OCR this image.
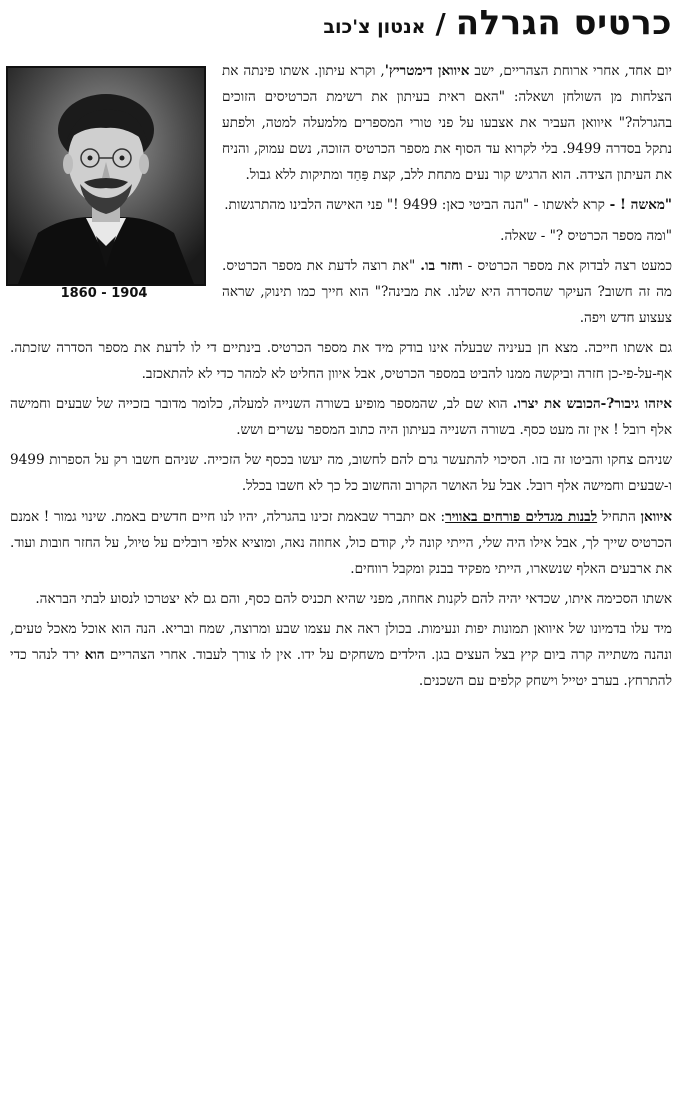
כרטיס הגרלה
/
אנטון צ'כוב
1860 - 1904

יום אחד, אחרי ארוחת הצהריים, ישב איוואן דימטריץ', וקרא עיתון. אשתו פינתה את הצלחות מן השולחן ושאלה: "האם ראית בעיתון את רשימת הכרטיסים הזוכים בהגרלה?" איוואן העביר את אצבעו על פני טורי המספרים מלמעלה למטה, ולפתע נתקל בסדרה 9499. בלי לקרוא עד הסוף את מספר הכרטיס הזוכה, נשם עמוק, והניח את העיתון הצידה. הוא הרגיש קור נעים מתחת ללב, קצת פַּחַד ומתיקות ללא גבול.

"מאשה ! - קרא לאשתו - "הנה הביטי כאן: 9499 !" פני האישה הלבינו מהתרגשות.

"ומה מספר הכרטיס ?" - שאלה.

כמעט רצה לבדוק את מספר הכרטיס - וחזר בו. "את רוצה לדעת את מספר הכרטיס. מה זה חשוב? העיקר שהסדרה היא שלנו. את מבינה?" הוא חייך כמו תינוק, שראה צעצוע חדש ויפה.

גם אשתו חייכה. מצא חן בעיניה שבעלה אינו בודק מיד את מספר הכרטיס. בינתיים די לו לדעת את מספר הסדרה שזכתה. אף-על-פי-כן חזרה וביקשה ממנו להביט במספר הכרטיס, אבל איוון החליט לא למהר כדי לא להתאכזב.

איזהו גיבור?-הכובש את יצרו. הוא שם לב, שהמספר מופיע בשורה השנייה למעלה, כלומר מדובר בזכייה של שבעים וחמישה אלף רובל ! אין זה מעט כסף. בשורה השנייה בעיתון היה כתוב המספר עשרים ושש.

שניהם צחקו והביטו זה בזו. הסיכוי להתעשר גרם להם לחשוב, מה יעשו בכסף של הזכייה. שניהם חשבו רק על הספרות 9499 ו-שבעים וחמישה אלף רובל. אבל על האושר הקרוב והחשוב כל כך לא חשבו בכלל.

איוואן התחיל לבנות מגדלים פורחים באוויר: אם יתברר שבאמת זכינו בהגרלה, יהיו לנו חיים חדשים באמת. שינוי גמור ! אמנם הכרטיס שייך לך, אבל אילו היה שלי, הייתי קונה לי, קודם כול, אחוזה נאה, ומוציא אלפי רובלים על טיול, על החזר חובות ועוד. את ארבעים האלף שנשארו, הייתי מפקיד בבנק ומקבל רווחים.

אשתו הסכימה איתו, שכדאי יהיה להם לקנות אחוזה, מפני שהיא תכניס להם כסף, והם גם לא יצטרכו לנסוע לבתי הבראה.

מיד עלו בדמיונו של איוואן תמונות יפות ונעימות. בכולן ראה את עצמו שבע ומרוצה, שמח ובריא. הנה הוא אוכל מאכל טעים, ונהנה משתייה קרה ביום קיץ בצל העצים בגן. הילדים משחקים על ידו. אין לו צורך לעבוד. אחרי הצהריים הוא ירד לנהר כדי להתרחץ. בערב יטייל וישחק קלפים עם השכנים.
